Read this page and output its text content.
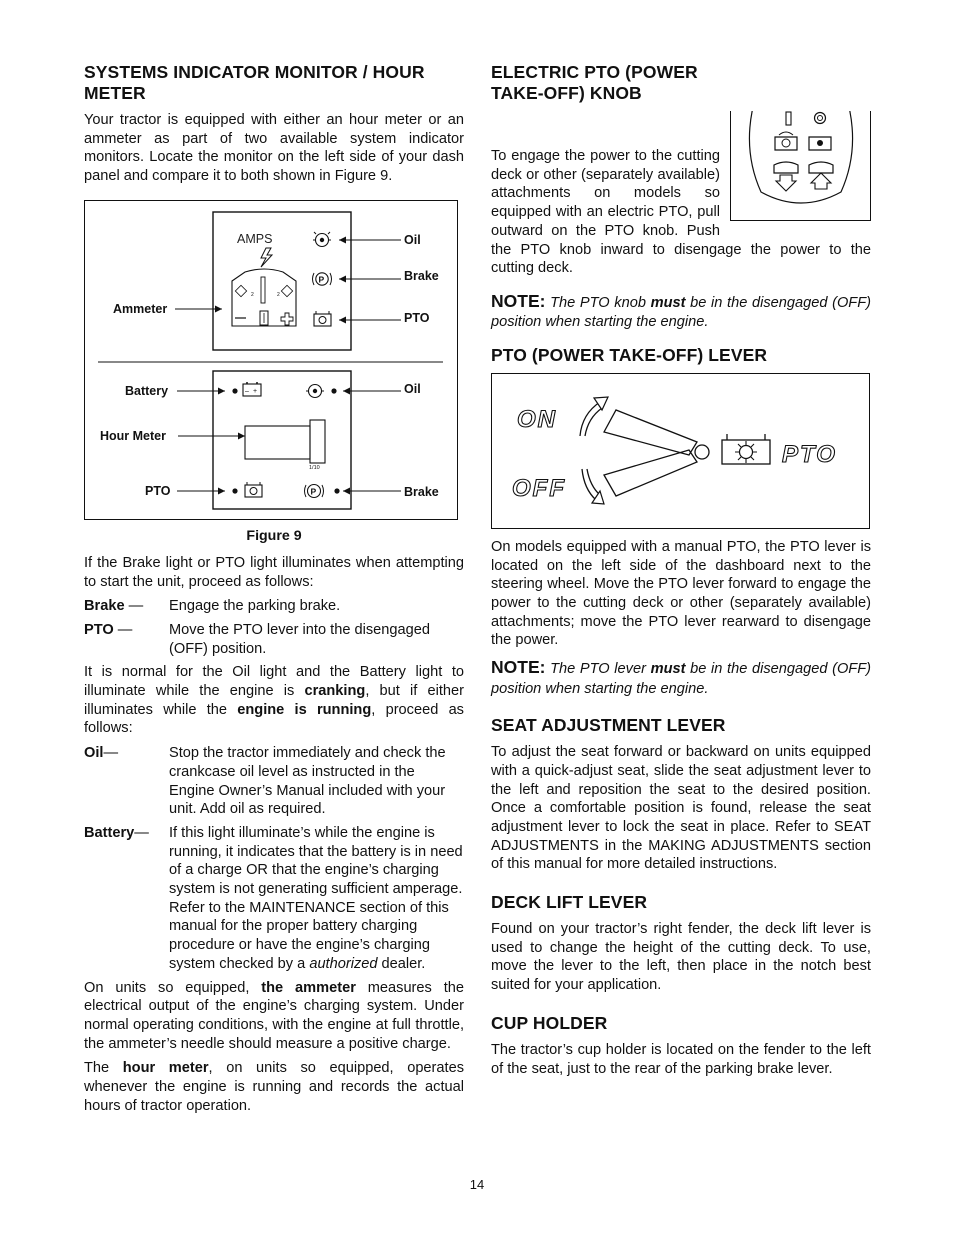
SYSTEMS INDICATOR MONITOR / HOUR METER

Your tractor is equipped with either an hour meter or an ammeter as part of two available system indicator monitors. Locate the monitor on the left side of your dash panel and compare it to both shown in Figure 9.

AMPS
2	2
P
Oil
Brake
PTO
Ammeter
– +
1/10
P
Battery	Oil
Hour Meter
PTO	Brake
Figure 9

If the Brake light or PTO light illuminates when attempting to start the unit, proceed as follows:

Brake —	Engage the parking brake.
PTO —	Move the PTO lever into the disengaged (OFF) position.

It is normal for the Oil light and the Battery light to illuminate while the engine is cranking, but if either illuminates while the engine is running, proceed as follows:

Oil—	Stop the tractor immediately and check the crankcase oil level as instructed in the Engine Owner’s Manual included with your unit. Add oil as required.
Battery—	If this light illuminate’s while the engine is running, it indicates that the battery is in need of a charge OR that the engine’s charging system is not generating sufficient amperage. Refer to the MAINTENANCE section of this manual for the proper battery charging procedure or have the engine’s charging system checked by a authorized dealer.

On units so equipped, the ammeter measures the electrical output of the engine’s charging system. Under normal operating conditions, with the engine at full throttle, the ammeter’s needle should measure a positive charge.

The hour meter, on units so equipped, operates whenever the engine is running and records the actual hours of tractor operation.

ELECTRIC PTO (POWER TAKE-OFF) KNOB

To engage the power to the cutting deck or other (separately available) attachments on models so equipped with an electric PTO, pull outward on the PTO knob. Push the PTO knob inward to disengage the power to the cutting deck.

NOTE: The PTO knob must be in the disengaged (OFF) position when starting the engine.
PTO (POWER TAKE-OFF) LEVER
ON
OFF
PTO

On models equipped with a manual PTO, the PTO lever is located on the left side of the dashboard next to the steering wheel. Move the PTO lever forward to engage the power to the cutting deck or other (separately available) attachments; move the PTO lever rearward to disengage the power.

NOTE: The PTO lever must be in the disengaged (OFF) position when starting the engine.
SEAT ADJUSTMENT LEVER

To adjust the seat forward or backward on units equipped with a quick-adjust seat, slide the seat adjustment lever to the left and reposition the seat to the desired position. Once a comfortable position is found, release the seat adjustment lever to lock the seat in place. Refer to SEAT ADJUSTMENTS in the MAKING ADJUSTMENTS section of this manual for more detailed instructions.

DECK LIFT LEVER

Found on your tractor’s right fender, the deck lift lever is used to change the height of the cutting deck. To use, move the lever to the left, then place in the notch best suited for your application.

CUP HOLDER

The tractor’s cup holder is located on the fender to the left of the seat, just to the rear of the parking brake lever.

14
